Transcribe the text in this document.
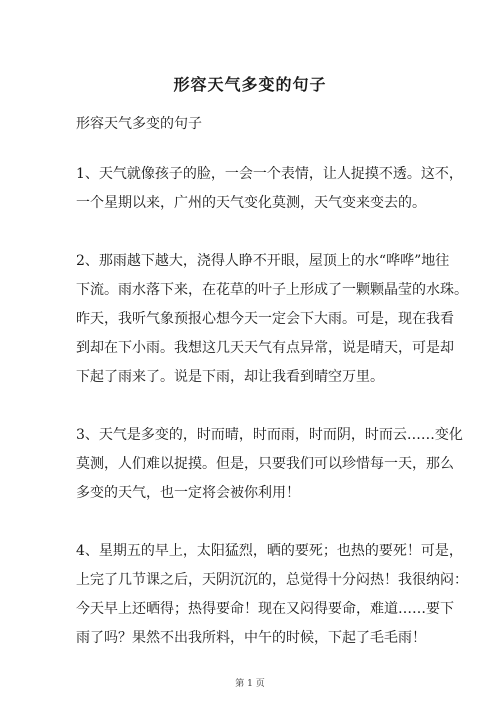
形容天气多变的句子
形容天气多变的句子
1、天气就像孩子的脸，一会一个表情，让人捉摸不透。这不，
一个星期以来，广州的天气变化莫测，天气变来变去的。
2、那雨越下越大，浇得人睁不开眼，屋顶上的水“哗哗”地往
下流。雨水落下来，在花草的叶子上形成了一颗颗晶莹的水珠。
昨天，我听气象预报心想今天一定会下大雨。可是，现在我看
到却在下小雨。我想这几天天气有点异常，说是晴天，可是却
下起了雨来了。说是下雨，却让我看到晴空万里。
3、天气是多变的，时而晴，时而雨，时而阴，时而云……变化
莫测，人们难以捉摸。但是，只要我们可以珍惜每一天，那么
多变的天气，也一定将会被你利用！
4、星期五的早上，太阳猛烈，晒的要死；也热的要死！可是，
上完了几节课之后，天阴沉沉的，总觉得十分闷热！我很纳闷：
今天早上还晒得；热得要命！现在又闷得要命，难道……要下
雨了吗？果然不出我所料，中午的时候，下起了毛毛雨！
第 1 页
